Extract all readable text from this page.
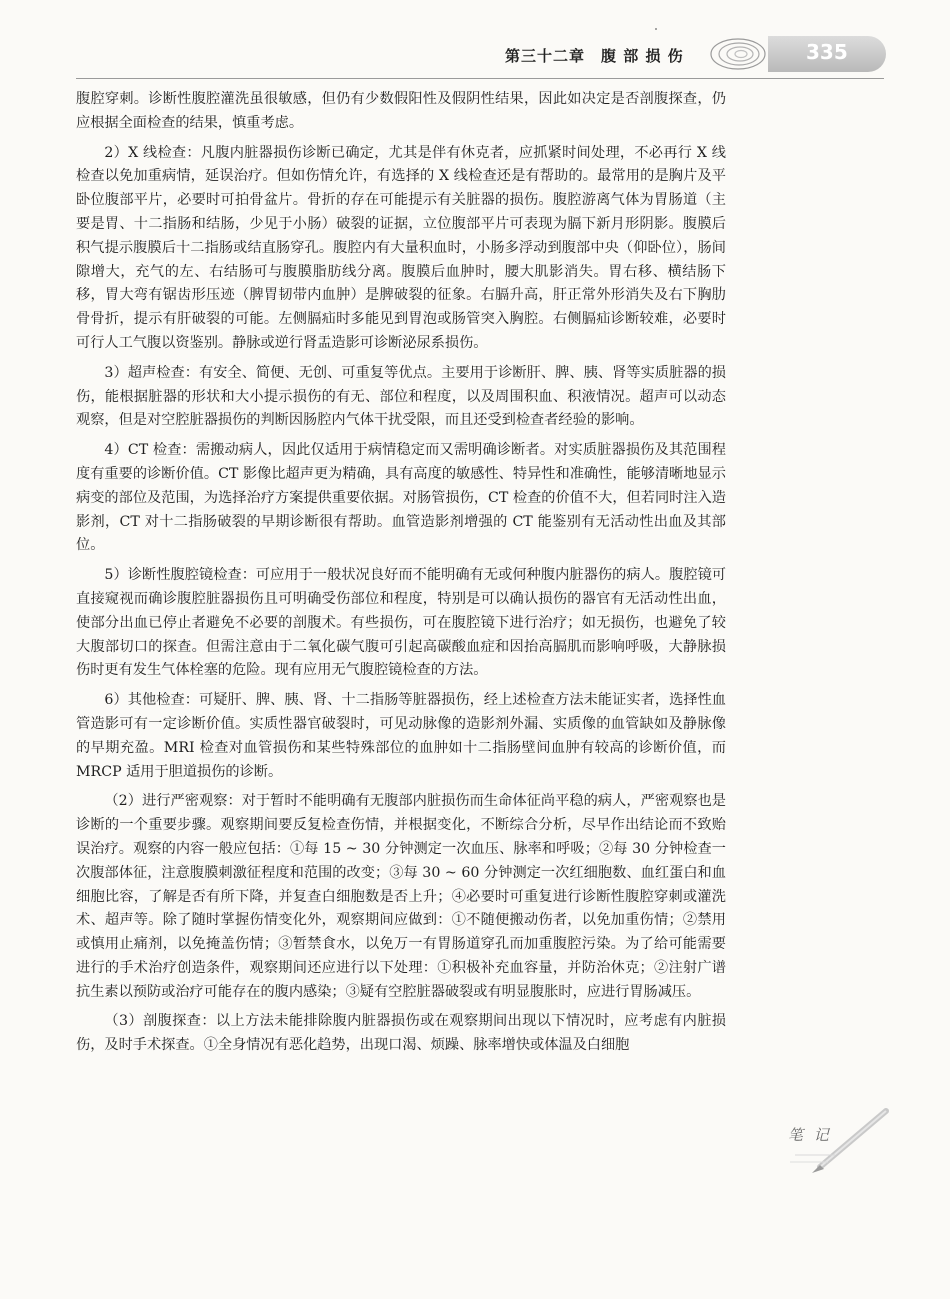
第三十二章　腹 部 损 伤	335

腹腔穿刺。诊断性腹腔灌洗虽很敏感，但仍有少数假阳性及假阴性结果，因此如决定是否剖腹探查，仍应根据全面检查的结果，慎重考虑。

2）X 线检查：凡腹内脏器损伤诊断已确定，尤其是伴有休克者，应抓紧时间处理，不必再行 X 线检查以免加重病情，延误治疗。但如伤情允许，有选择的 X 线检查还是有帮助的。最常用的是胸片及平卧位腹部平片，必要时可拍骨盆片。骨折的存在可能提示有关脏器的损伤。腹腔游离气体为胃肠道（主要是胃、十二指肠和结肠，少见于小肠）破裂的证据，立位腹部平片可表现为膈下新月形阴影。腹膜后积气提示腹膜后十二指肠或结直肠穿孔。腹腔内有大量积血时，小肠多浮动到腹部中央（仰卧位），肠间隙增大，充气的左、右结肠可与腹膜脂肪线分离。腹膜后血肿时，腰大肌影消失。胃右移、横结肠下移，胃大弯有锯齿形压迹（脾胃韧带内血肿）是脾破裂的征象。右膈升高，肝正常外形消失及右下胸肋骨骨折，提示有肝破裂的可能。左侧膈疝时多能见到胃泡或肠管突入胸腔。右侧膈疝诊断较难，必要时可行人工气腹以资鉴别。静脉或逆行肾盂造影可诊断泌尿系损伤。

3）超声检查：有安全、简便、无创、可重复等优点。主要用于诊断肝、脾、胰、肾等实质脏器的损伤，能根据脏器的形状和大小提示损伤的有无、部位和程度，以及周围积血、积液情况。超声可以动态观察，但是对空腔脏器损伤的判断因肠腔内气体干扰受限，而且还受到检查者经验的影响。

4）CT 检查：需搬动病人，因此仅适用于病情稳定而又需明确诊断者。对实质脏器损伤及其范围程度有重要的诊断价值。CT 影像比超声更为精确，具有高度的敏感性、特异性和准确性，能够清晰地显示病变的部位及范围，为选择治疗方案提供重要依据。对肠管损伤，CT 检查的价值不大，但若同时注入造影剂，CT 对十二指肠破裂的早期诊断很有帮助。血管造影剂增强的 CT 能鉴别有无活动性出血及其部位。

5）诊断性腹腔镜检查：可应用于一般状况良好而不能明确有无或何种腹内脏器伤的病人。腹腔镜可直接窥视而确诊腹腔脏器损伤且可明确受伤部位和程度，特别是可以确认损伤的器官有无活动性出血，使部分出血已停止者避免不必要的剖腹术。有些损伤，可在腹腔镜下进行治疗；如无损伤，也避免了较大腹部切口的探查。但需注意由于二氧化碳气腹可引起高碳酸血症和因抬高膈肌而影响呼吸，大静脉损伤时更有发生气体栓塞的危险。现有应用无气腹腔镜检查的方法。

6）其他检查：可疑肝、脾、胰、肾、十二指肠等脏器损伤，经上述检查方法未能证实者，选择性血管造影可有一定诊断价值。实质性器官破裂时，可见动脉像的造影剂外漏、实质像的血管缺如及静脉像的早期充盈。MRI 检查对血管损伤和某些特殊部位的血肿如十二指肠壁间血肿有较高的诊断价值，而 MRCP 适用于胆道损伤的诊断。

（2）进行严密观察：对于暂时不能明确有无腹部内脏损伤而生命体征尚平稳的病人，严密观察也是诊断的一个重要步骤。观察期间要反复检查伤情，并根据变化，不断综合分析，尽早作出结论而不致贻误治疗。观察的内容一般应包括：①每 15 ~ 30 分钟测定一次血压、脉率和呼吸；②每 30 分钟检查一次腹部体征，注意腹膜刺激征程度和范围的改变；③每 30 ~ 60 分钟测定一次红细胞数、血红蛋白和血细胞比容，了解是否有所下降，并复查白细胞数是否上升；④必要时可重复进行诊断性腹腔穿刺或灌洗术、超声等。除了随时掌握伤情变化外，观察期间应做到：①不随便搬动伤者，以免加重伤情；②禁用或慎用止痛剂，以免掩盖伤情；③暂禁食水，以免万一有胃肠道穿孔而加重腹腔污染。为了给可能需要进行的手术治疗创造条件，观察期间还应进行以下处理：①积极补充血容量，并防治休克；②注射广谱抗生素以预防或治疗可能存在的腹内感染；③疑有空腔脏器破裂或有明显腹胀时，应进行胃肠减压。

（3）剖腹探查：以上方法未能排除腹内脏器损伤或在观察期间出现以下情况时，应考虑有内脏损伤，及时手术探查。①全身情况有恶化趋势，出现口渴、烦躁、脉率增快或体温及白细胞

笔 记
